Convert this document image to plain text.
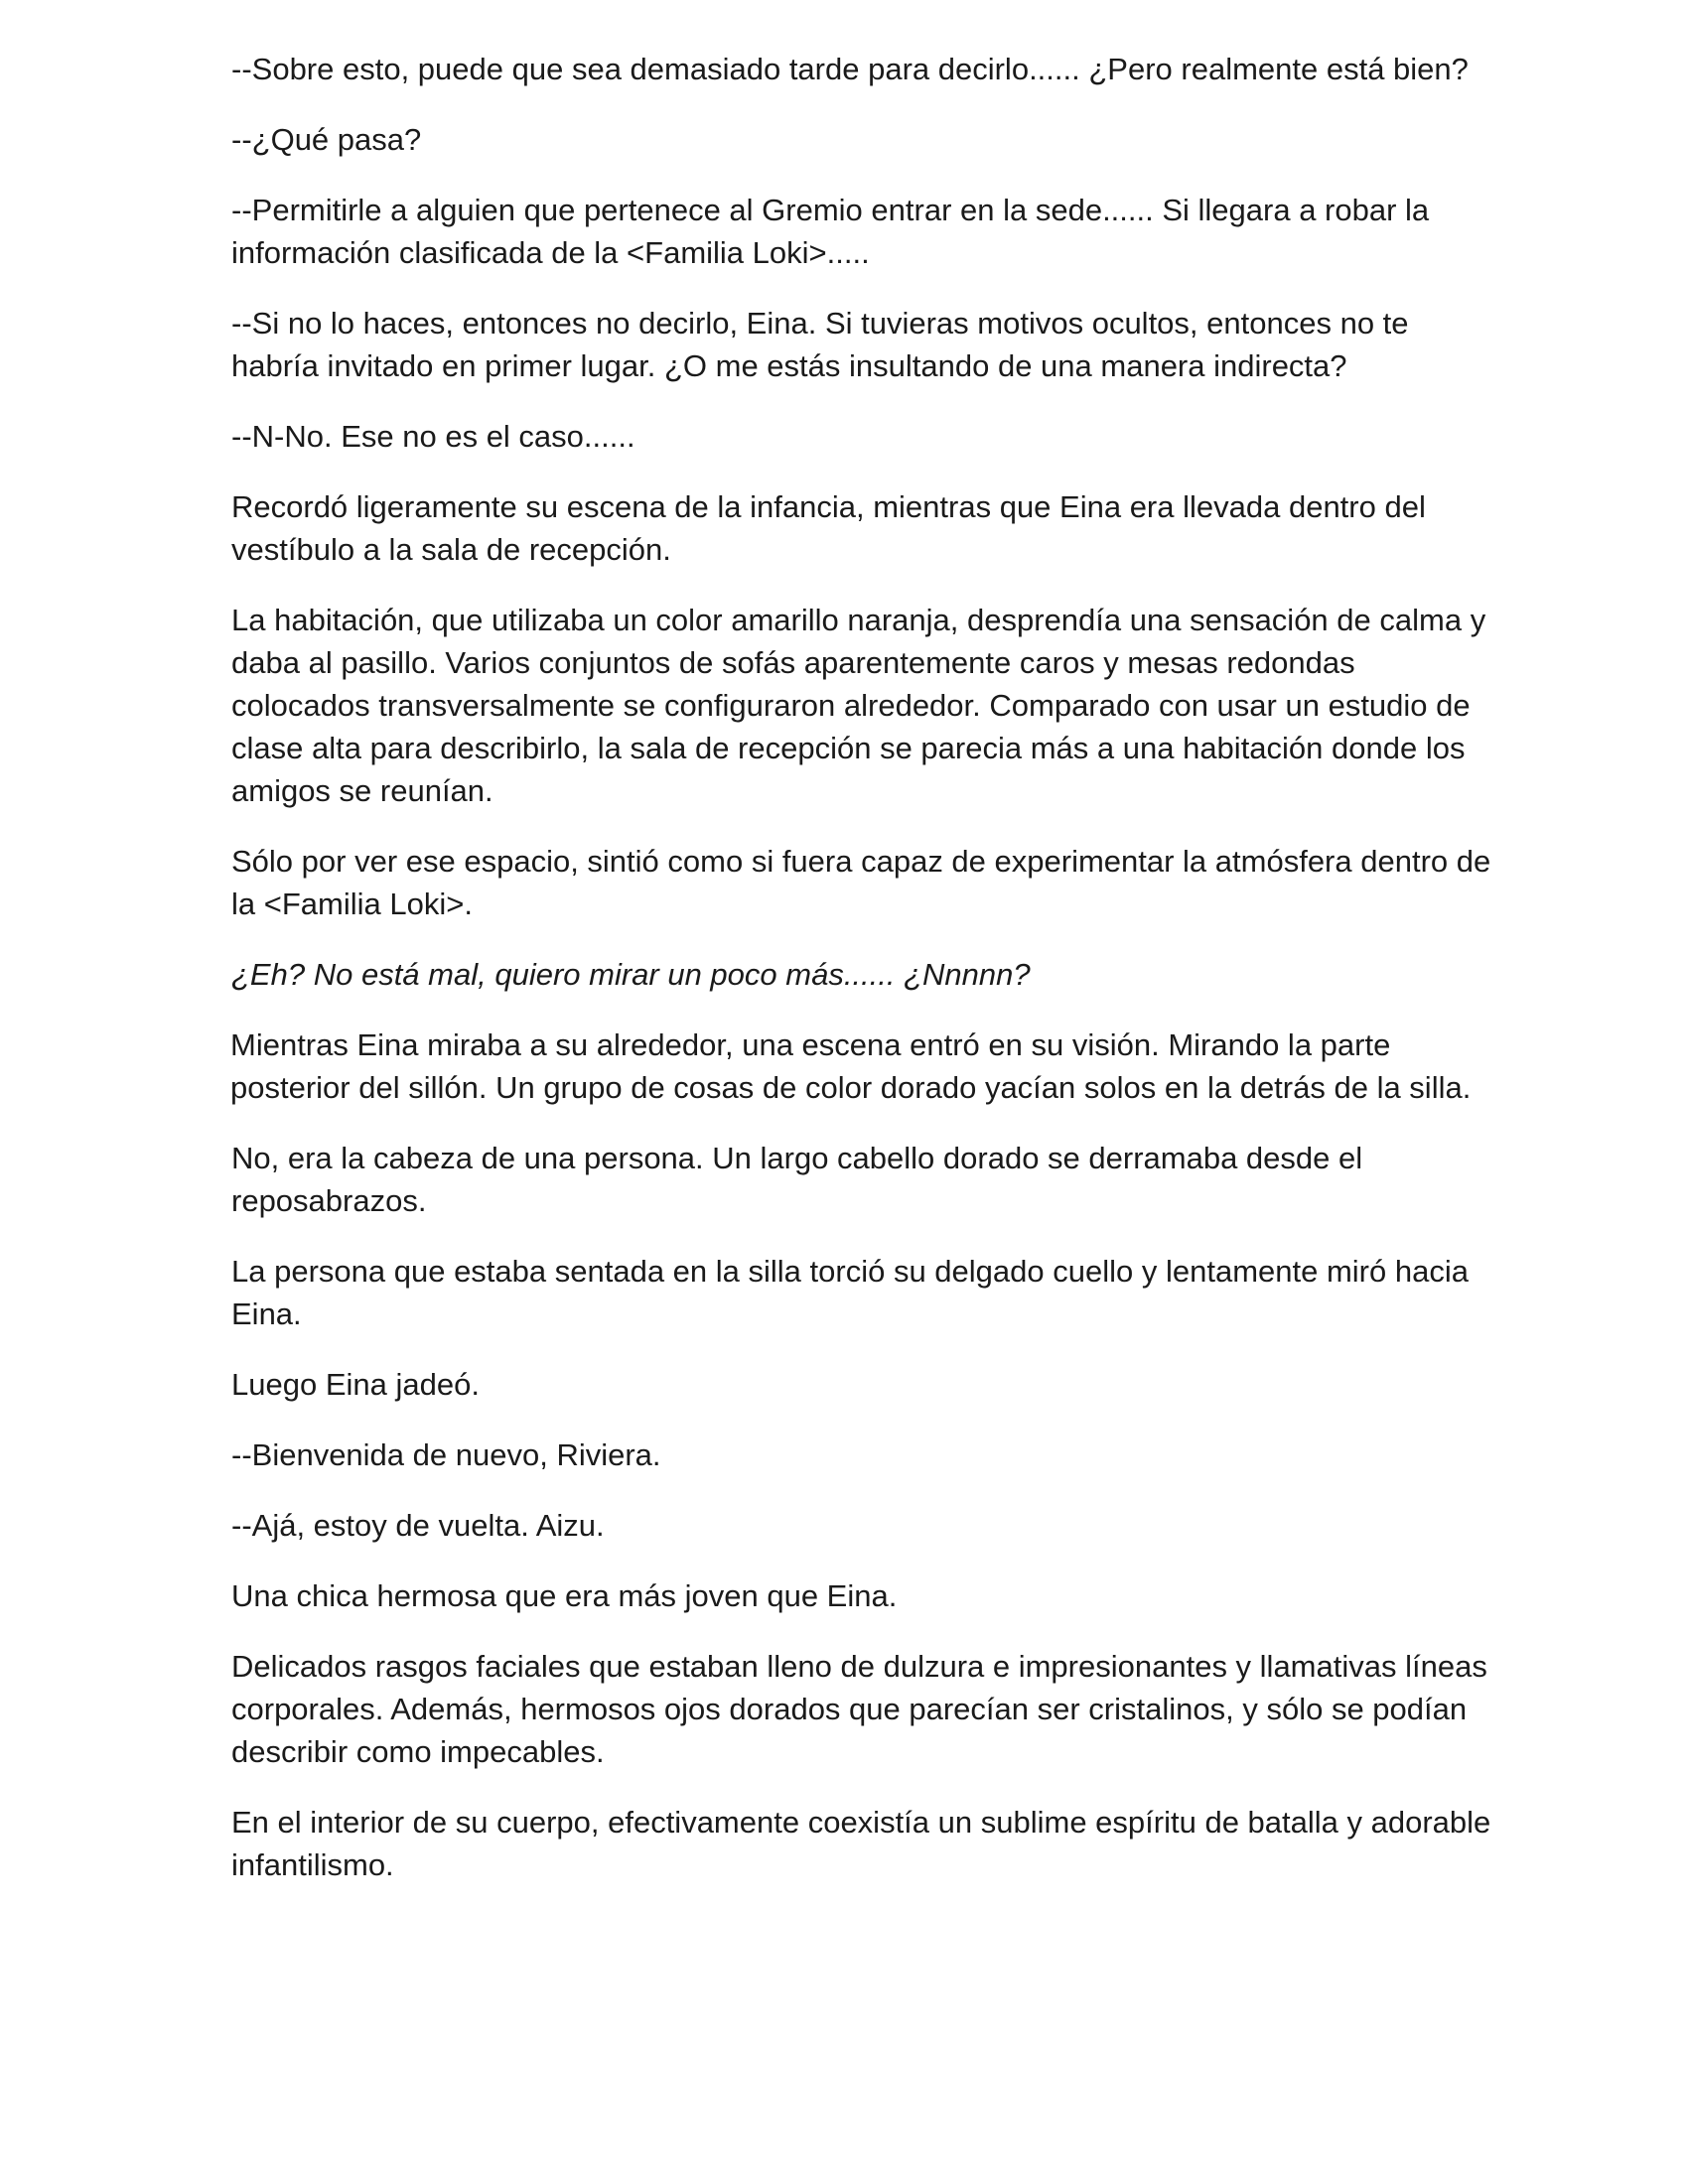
--Sobre esto, puede que sea demasiado tarde para decirlo...... ¿Pero realmente está bien?

--¿Qué pasa?

--Permitirle a alguien que pertenece al Gremio entrar en la sede...... Si llegara a robar la información clasificada de la <Familia Loki>.....

--Si no lo haces, entonces no decirlo, Eina. Si tuvieras motivos ocultos, entonces no te habría invitado en primer lugar. ¿O me estás insultando de una manera indirecta?

--N-No. Ese no es el caso......

Recordó ligeramente su escena de la infancia, mientras que Eina era llevada dentro del vestíbulo a la sala de recepción.

La habitación, que utilizaba un color amarillo naranja, desprendía una sensación de calma y daba al pasillo. Varios conjuntos de sofás aparentemente caros y mesas redondas colocados transversalmente se configuraron alrededor. Comparado con usar un estudio de clase alta para describirlo, la sala de recepción se parecia más a una habitación donde los amigos se reunían.

Sólo por ver ese espacio, sintió como si fuera capaz de experimentar la atmósfera dentro de la <Familia Loki>.

¿Eh? No está mal, quiero mirar un poco más...... ¿Nnnnn?

Mientras Eina miraba a su alrededor, una escena entró en su visión. Mirando la parte posterior del sillón. Un grupo de cosas de color dorado yacían solos en la detrás de la silla.

No, era la cabeza de una persona. Un largo cabello dorado se derramaba desde el reposabrazos.

La persona que estaba sentada en la silla torció su delgado cuello y lentamente miró hacia Eina.

Luego Eina jadeó.

--Bienvenida de nuevo, Riviera.

--Ajá, estoy de vuelta. Aizu.

Una chica hermosa que era más joven que Eina.

Delicados rasgos faciales que estaban lleno de dulzura e impresionantes y llamativas líneas corporales. Además, hermosos ojos dorados que parecían ser cristalinos, y sólo se podían describir como impecables.

En el interior de su cuerpo, efectivamente coexistía un sublime espíritu de batalla y adorable infantilismo.
